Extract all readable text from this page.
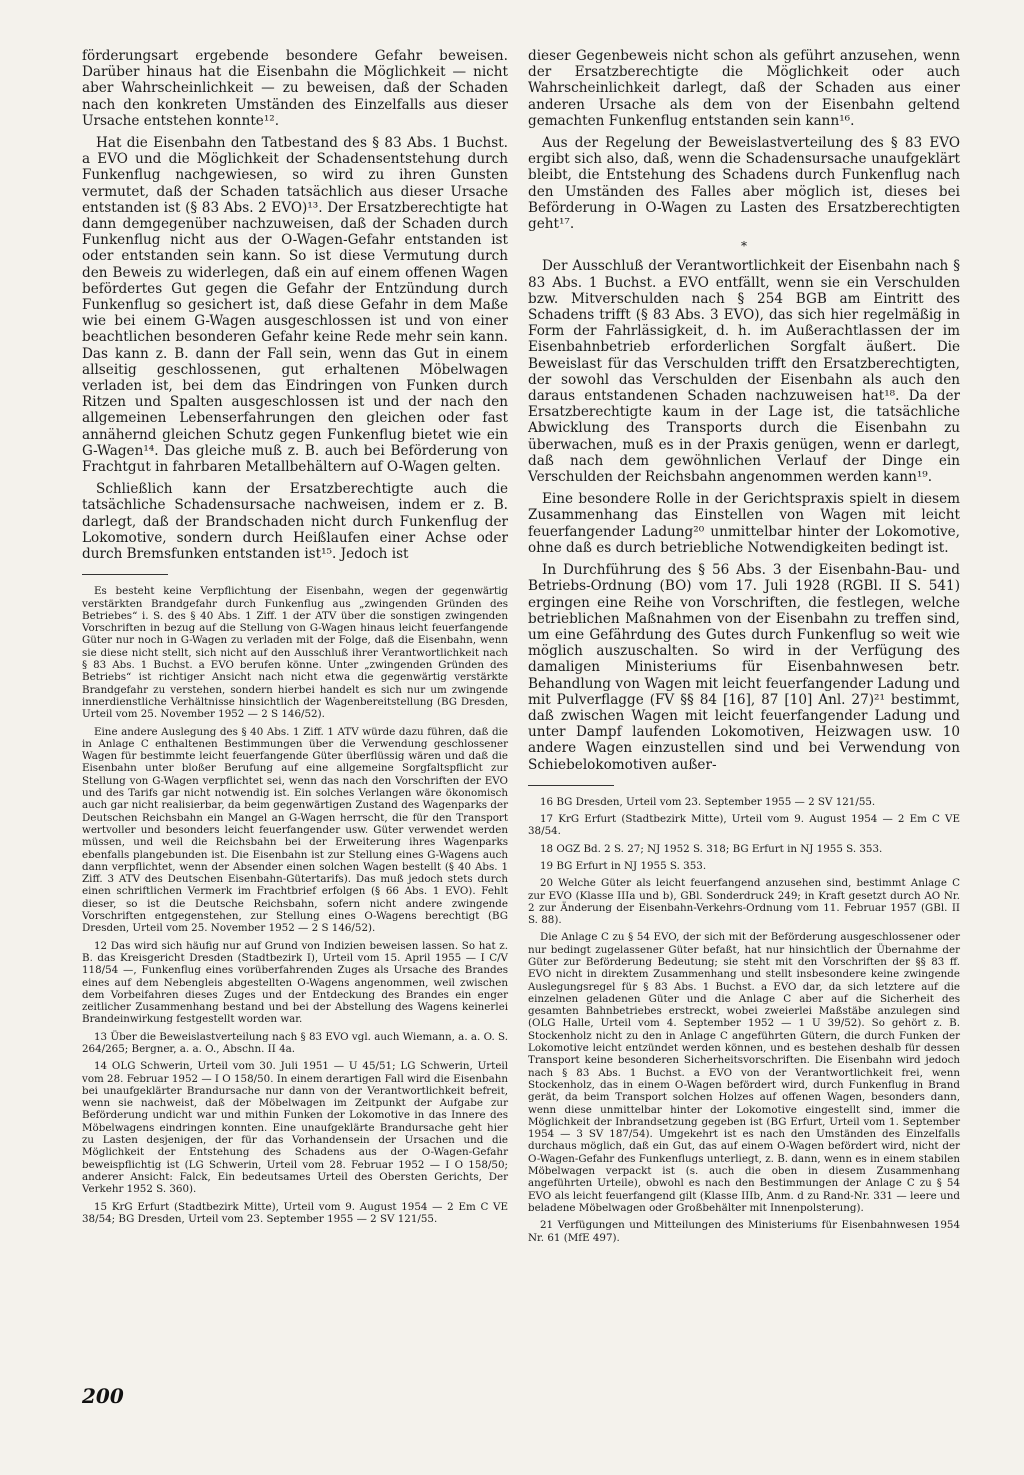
förderungsart ergebende besondere Gefahr beweisen. Darüber hinaus hat die Eisenbahn die Möglichkeit — nicht aber Wahrscheinlichkeit — zu beweisen, daß der Schaden nach den konkreten Umständen des Einzelfalls aus dieser Ursache entstehen konnte¹².

Hat die Eisenbahn den Tatbestand des § 83 Abs. 1 Buchst. a EVO und die Möglichkeit der Schadensentstehung durch Funkenflug nachgewiesen, so wird zu ihren Gunsten vermutet, daß der Schaden tatsächlich aus dieser Ursache entstanden ist (§ 83 Abs. 2 EVO)¹³. Der Ersatzberechtigte hat dann demgegenüber nachzuweisen, daß der Schaden durch Funkenflug nicht aus der O-Wagen-Gefahr entstanden ist oder entstanden sein kann. So ist diese Vermutung durch den Beweis zu widerlegen, daß ein auf einem offenen Wagen befördertes Gut gegen die Gefahr der Entzündung durch Funkenflug so gesichert ist, daß diese Gefahr in dem Maße wie bei einem G-Wagen ausgeschlossen ist und von einer beachtlichen besonderen Gefahr keine Rede mehr sein kann. Das kann z. B. dann der Fall sein, wenn das Gut in einem allseitig geschlossenen, gut erhaltenen Möbelwagen verladen ist, bei dem das Eindringen von Funken durch Ritzen und Spalten ausgeschlossen ist und der nach den allgemeinen Lebenserfahrungen den gleichen oder fast annähernd gleichen Schutz gegen Funkenflug bietet wie ein G-Wagen¹⁴. Das gleiche muß z. B. auch bei Beförderung von Frachtgut in fahrbaren Metallbehältern auf O-Wagen gelten.

Schließlich kann der Ersatzberechtigte auch die tatsächliche Schadensursache nachweisen, indem er z. B. darlegt, daß der Brandschaden nicht durch Funkenflug der Lokomotive, sondern durch Heißlaufen einer Achse oder durch Bremsfunken entstanden ist¹⁵. Jedoch ist

Es besteht keine Verpflichtung der Eisenbahn, wegen der gegenwärtig verstärkten Brandgefahr durch Funkenflug aus „zwingenden Gründen des Betriebes“ i. S. des § 40 Abs. 1 Ziff. 1 der ATV über die sonstigen zwingenden Vorschriften in bezug auf die Stellung von G-Wagen hinaus leicht feuerfangende Güter nur noch in G-Wagen zu verladen mit der Folge, daß die Eisenbahn, wenn sie diese nicht stellt, sich nicht auf den Ausschluß ihrer Verantwortlichkeit nach § 83 Abs. 1 Buchst. a EVO berufen könne. Unter „zwingenden Gründen des Betriebs“ ist richtiger Ansicht nach nicht etwa die gegenwärtig verstärkte Brandgefahr zu verstehen, sondern hierbei handelt es sich nur um zwingende innerdienstliche Verhältnisse hinsichtlich der Wagenbereitstellung (BG Dresden, Urteil vom 25. November 1952 — 2 S 146/52).

Eine andere Auslegung des § 40 Abs. 1 Ziff. 1 ATV würde dazu führen, daß die in Anlage C enthaltenen Bestimmungen über die Verwendung geschlossener Wagen für bestimmte leicht feuerfangende Güter überflüssig wären und daß die Eisenbahn unter bloßer Berufung auf eine allgemeine Sorgfaltspflicht zur Stellung von G-Wagen verpflichtet sei, wenn das nach den Vorschriften der EVO und des Tarifs gar nicht notwendig ist. Ein solches Verlangen wäre ökonomisch auch gar nicht realisierbar, da beim gegenwärtigen Zustand des Wagenparks der Deutschen Reichsbahn ein Mangel an G-Wagen herrscht, die für den Transport wertvoller und besonders leicht feuerfangender usw. Güter verwendet werden müssen, und weil die Reichsbahn bei der Erweiterung ihres Wagenparks ebenfalls plangebunden ist. Die Eisenbahn ist zur Stellung eines G-Wagens auch dann verpflichtet, wenn der Absender einen solchen Wagen bestellt (§ 40 Abs. 1 Ziff. 3 ATV des Deutschen Eisenbahn-Gütertarifs). Das muß jedoch stets durch einen schriftlichen Vermerk im Frachtbrief erfolgen (§ 66 Abs. 1 EVO). Fehlt dieser, so ist die Deutsche Reichsbahn, sofern nicht andere zwingende Vorschriften entgegenstehen, zur Stellung eines O-Wagens berechtigt (BG Dresden, Urteil vom 25. November 1952 — 2 S 146/52).

12 Das wird sich häufig nur auf Grund von Indizien beweisen lassen. So hat z. B. das Kreisgericht Dresden (Stadtbezirk I), Urteil vom 15. April 1955 — I C/V 118/54 —, Funkenflug eines vorüberfahrenden Zuges als Ursache des Brandes eines auf dem Nebengleis abgestellten O-Wagens angenommen, weil zwischen dem Vorbeifahren dieses Zuges und der Entdeckung des Brandes ein enger zeitlicher Zusammenhang bestand und bei der Abstellung des Wagens keinerlei Brandeinwirkung festgestellt worden war.

13 Über die Beweislastverteilung nach § 83 EVO vgl. auch Wiemann, a. a. O. S. 264/265; Bergner, a. a. O., Abschn. II 4a.

14 OLG Schwerin, Urteil vom 30. Juli 1951 — U 45/51; LG Schwerin, Urteil vom 28. Februar 1952 — I O 158/50. In einem derartigen Fall wird die Eisenbahn bei unaufgeklärter Brandursache nur dann von der Verantwortlichkeit befreit, wenn sie nachweist, daß der Möbelwagen im Zeitpunkt der Aufgabe zur Beförderung undicht war und mithin Funken der Lokomotive in das Innere des Möbelwagens eindringen konnten. Eine unaufgeklärte Brandursache geht hier zu Lasten desjenigen, der für das Vorhandensein der Ursachen und die Möglichkeit der Entstehung des Schadens aus der O-Wagen-Gefahr beweispflichtig ist (LG Schwerin, Urteil vom 28. Februar 1952 — I O 158/50; anderer Ansicht: Falck, Ein bedeutsames Urteil des Obersten Gerichts, Der Verkehr 1952 S. 360).

15 KrG Erfurt (Stadtbezirk Mitte), Urteil vom 9. August 1954 — 2 Em C VE 38/54; BG Dresden, Urteil vom 23. September 1955 — 2 SV 121/55.

dieser Gegenbeweis nicht schon als geführt anzusehen, wenn der Ersatzberechtigte die Möglichkeit oder auch Wahrscheinlichkeit darlegt, daß der Schaden aus einer anderen Ursache als dem von der Eisenbahn geltend gemachten Funkenflug entstanden sein kann¹⁶.

Aus der Regelung der Beweislastverteilung des § 83 EVO ergibt sich also, daß, wenn die Schadensursache unaufgeklärt bleibt, die Entstehung des Schadens durch Funkenflug nach den Umständen des Falles aber möglich ist, dieses bei Beförderung in O-Wagen zu Lasten des Ersatzberechtigten geht¹⁷.

*

Der Ausschluß der Verantwortlichkeit der Eisenbahn nach § 83 Abs. 1 Buchst. a EVO entfällt, wenn sie ein Verschulden bzw. Mitverschulden nach § 254 BGB am Eintritt des Schadens trifft (§ 83 Abs. 3 EVO), das sich hier regelmäßig in Form der Fahrlässigkeit, d. h. im Außerachtlassen der im Eisenbahnbetrieb erforderlichen Sorgfalt äußert. Die Beweislast für das Verschulden trifft den Ersatzberechtigten, der sowohl das Verschulden der Eisenbahn als auch den daraus entstandenen Schaden nachzuweisen hat¹⁸. Da der Ersatzberechtigte kaum in der Lage ist, die tatsächliche Abwicklung des Transports durch die Eisenbahn zu überwachen, muß es in der Praxis genügen, wenn er darlegt, daß nach dem gewöhnlichen Verlauf der Dinge ein Verschulden der Reichsbahn angenommen werden kann¹⁹.

Eine besondere Rolle in der Gerichtspraxis spielt in diesem Zusammenhang das Einstellen von Wagen mit leicht feuerfangender Ladung²⁰ unmittelbar hinter der Lokomotive, ohne daß es durch betriebliche Notwendigkeiten bedingt ist.

In Durchführung des § 56 Abs. 3 der Eisenbahn-Bau- und Betriebs-Ordnung (BO) vom 17. Juli 1928 (RGBl. II S. 541) ergingen eine Reihe von Vorschriften, die festlegen, welche betrieblichen Maßnahmen von der Eisenbahn zu treffen sind, um eine Gefährdung des Gutes durch Funkenflug so weit wie möglich auszuschalten. So wird in der Verfügung des damaligen Ministeriums für Eisenbahnwesen betr. Behandlung von Wagen mit leicht feuerfangender Ladung und mit Pulverflagge (FV §§ 84 [16], 87 [10] Anl. 27)²¹ bestimmt, daß zwischen Wagen mit leicht feuerfangender Ladung und unter Dampf laufenden Lokomotiven, Heizwagen usw. 10 andere Wagen einzustellen sind und bei Verwendung von Schiebelokomotiven außer-

16 BG Dresden, Urteil vom 23. September 1955 — 2 SV 121/55.

17 KrG Erfurt (Stadtbezirk Mitte), Urteil vom 9. August 1954 — 2 Em C VE 38/54.

18 OGZ Bd. 2 S. 27; NJ 1952 S. 318; BG Erfurt in NJ 1955 S. 353.

19 BG Erfurt in NJ 1955 S. 353.

20 Welche Güter als leicht feuerfangend anzusehen sind, bestimmt Anlage C zur EVO (Klasse IIIa und b), GBl. Sonderdruck 249; in Kraft gesetzt durch AO Nr. 2 zur Änderung der Eisenbahn-Verkehrs-Ordnung vom 11. Februar 1957 (GBl. II S. 88).

Die Anlage C zu § 54 EVO, der sich mit der Beförderung ausgeschlossener oder nur bedingt zugelassener Güter befaßt, hat nur hinsichtlich der Übernahme der Güter zur Beförderung Bedeutung; sie steht mit den Vorschriften der §§ 83 ff. EVO nicht in direktem Zusammenhang und stellt insbesondere keine zwingende Auslegungsregel für § 83 Abs. 1 Buchst. a EVO dar, da sich letztere auf die einzelnen geladenen Güter und die Anlage C aber auf die Sicherheit des gesamten Bahnbetriebes erstreckt, wobei zweierlei Maßstäbe anzulegen sind (OLG Halle, Urteil vom 4. September 1952 — 1 U 39/52). So gehört z. B. Stockenholz nicht zu den in Anlage C angeführten Gütern, die durch Funken der Lokomotive leicht entzündet werden können, und es bestehen deshalb für dessen Transport keine besonderen Sicherheitsvorschriften. Die Eisenbahn wird jedoch nach § 83 Abs. 1 Buchst. a EVO von der Verantwortlichkeit frei, wenn Stockenholz, das in einem O-Wagen befördert wird, durch Funkenflug in Brand gerät, da beim Transport solchen Holzes auf offenen Wagen, besonders dann, wenn diese unmittelbar hinter der Lokomotive eingestellt sind, immer die Möglichkeit der Inbrandsetzung gegeben ist (BG Erfurt, Urteil vom 1. September 1954 — 3 SV 187/54). Umgekehrt ist es nach den Umständen des Einzelfalls durchaus möglich, daß ein Gut, das auf einem O-Wagen befördert wird, nicht der O-Wagen-Gefahr des Funkenflugs unterliegt, z. B. dann, wenn es in einem stabilen Möbelwagen verpackt ist (s. auch die oben in diesem Zusammenhang angeführten Urteile), obwohl es nach den Bestimmungen der Anlage C zu § 54 EVO als leicht feuerfangend gilt (Klasse IIIb, Anm. d zu Rand-Nr. 331 — leere und beladene Möbelwagen oder Großbehälter mit Innenpolsterung).

21 Verfügungen und Mitteilungen des Ministeriums für Eisenbahnwesen 1954 Nr. 61 (MfE 497).

200
